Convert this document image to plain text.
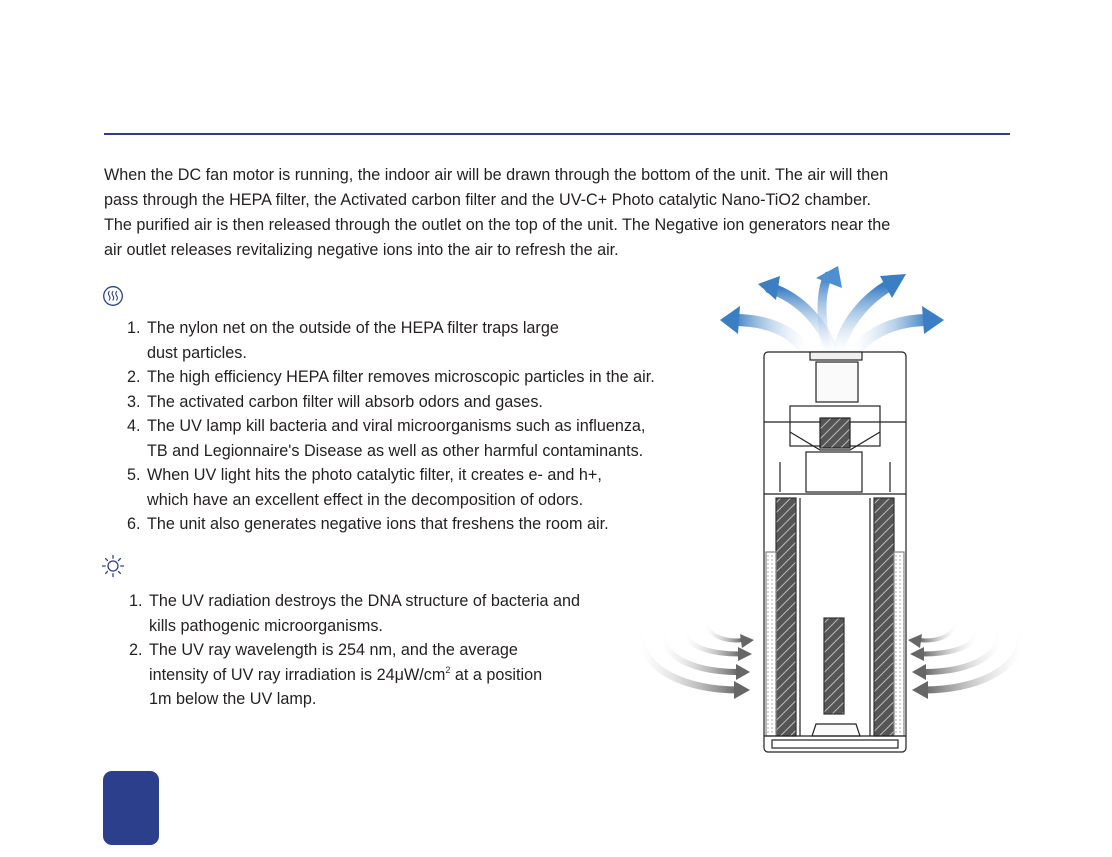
When the DC fan motor is running, the indoor air will be drawn through the bottom of the unit. The air will then
pass through the HEPA filter, the Activated carbon filter and the UV-C+ Photo catalytic Nano-TiO2 chamber.
The purified air is then released through the outlet on the top of the unit. The Negative ion generators near the
air outlet releases revitalizing negative ions into the air to refresh the air.

1. The nylon net on the outside of the HEPA filter traps large
dust particles.
2. The high efficiency HEPA filter removes microscopic particles in the air.
3. The activated carbon filter will absorb odors and gases.
4. The UV lamp kill bacteria and viral microorganisms such as influenza,
TB and Legionnaire's Disease as well as other harmful contaminants.
5. When UV light hits the photo catalytic filter, it creates e- and h+,
which have an excellent effect in the decomposition of odors.
6. The unit also generates negative ions that freshens the room air.
1. The UV radiation destroys the DNA structure of bacteria and
kills pathogenic microorganisms.
2. The UV ray wavelength is 254 nm, and the average
intensity of UV ray irradiation is $24\mu W/cm^2$ at a position
1m below the UV lamp.
